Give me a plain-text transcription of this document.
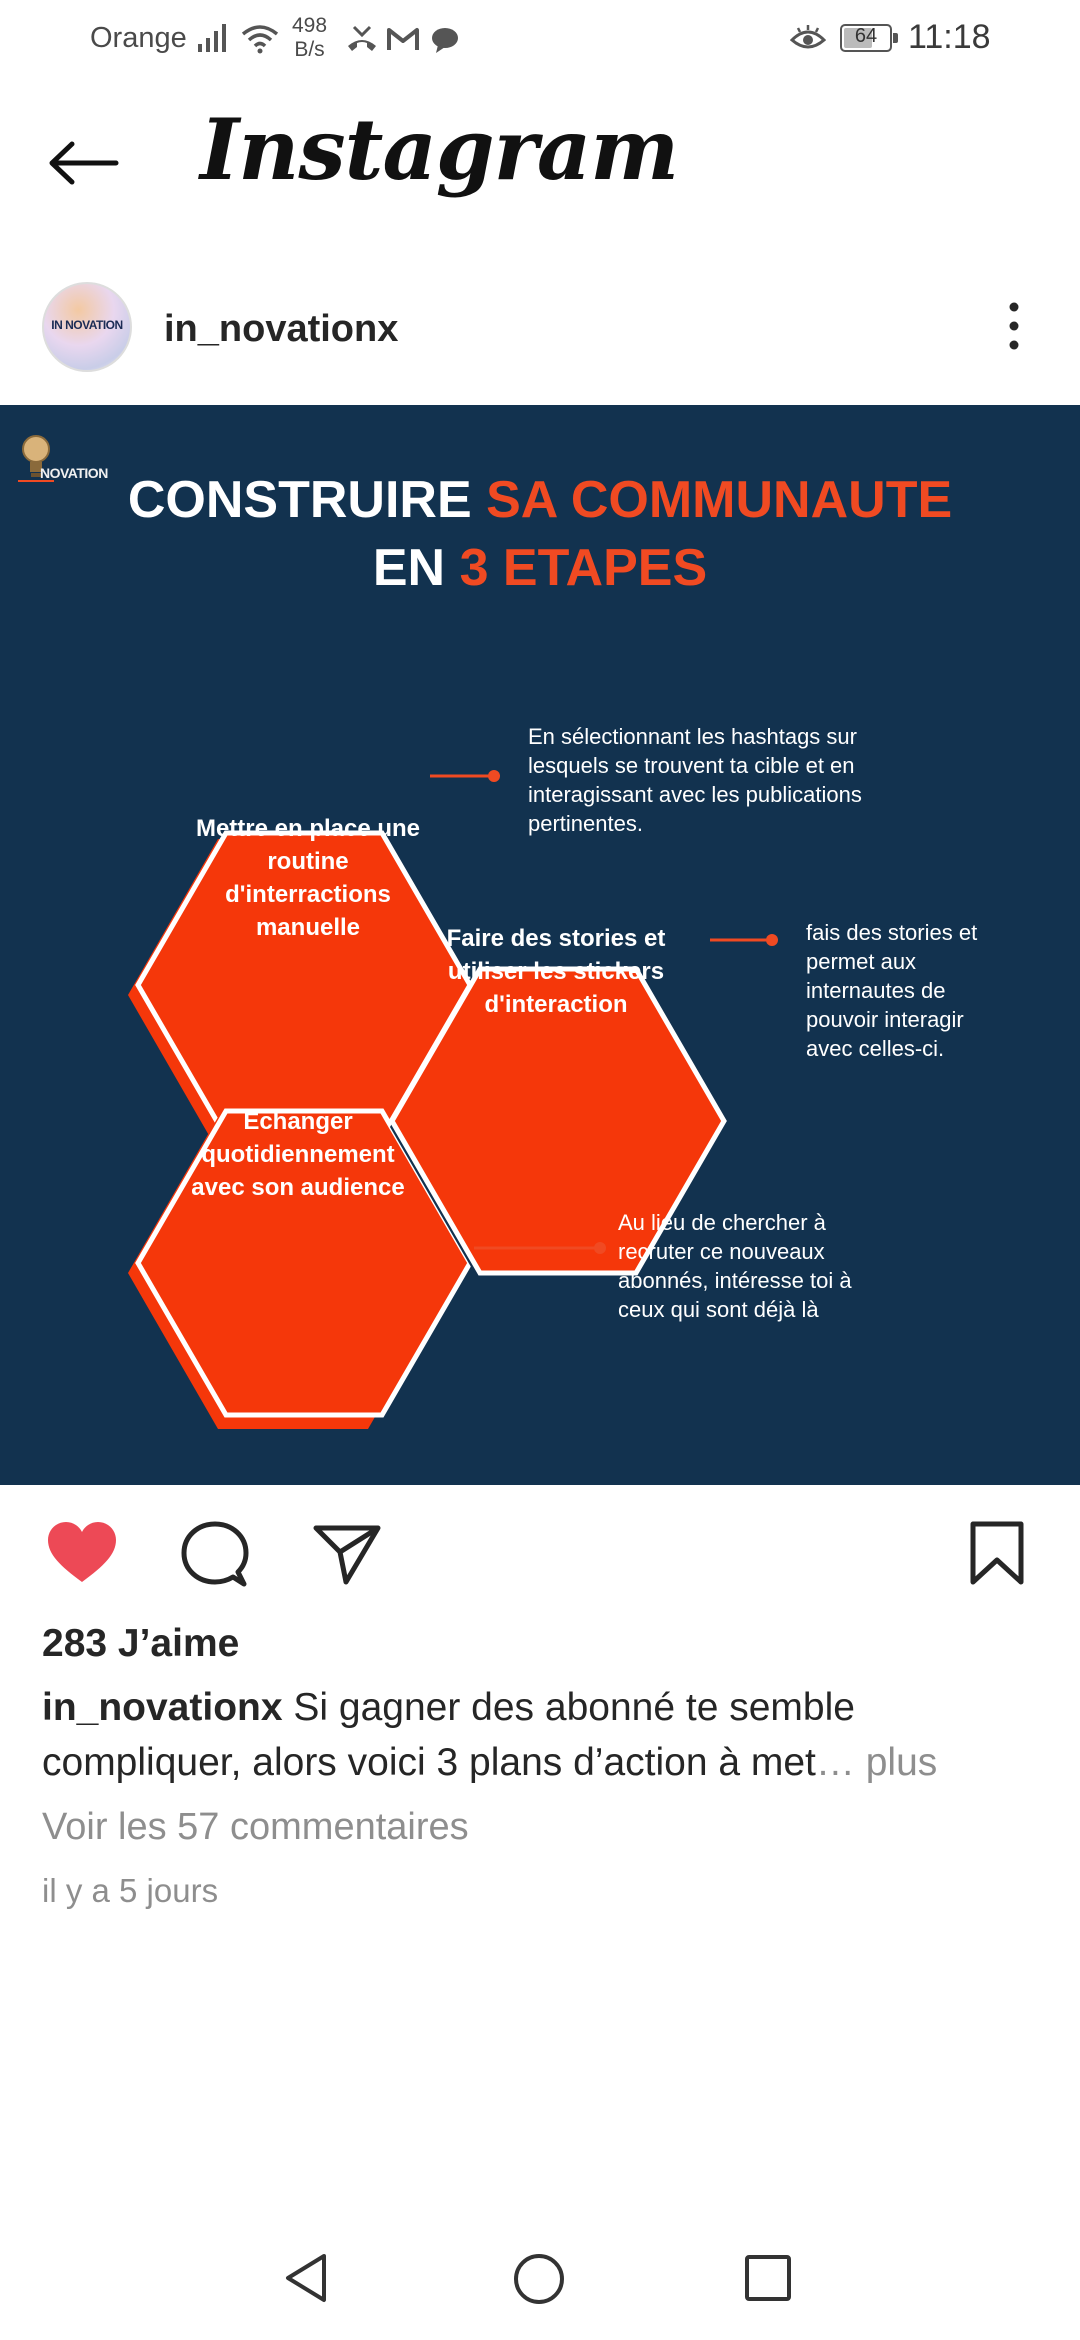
Orange	498
B/s
64 11:18
Instagram
IN NOVATION in_novationx
NOVATION CONSTRUIRE SA COMMUNAUTE
EN 3 ETAPES
Mettre en place une routine d'interractions manuelle	Faire des stories et utiliser les stickers d'interaction
Echanger quotidiennement avec son audience
En sélectionnant les hashtags sur lesquels se trouvent ta cible et en interagissant avec les publications pertinentes.
fais des stories et permet aux internautes de pouvoir interagir avec celles-ci.
Au lieu de chercher à recruter ce nouveaux abonnés, intéresse toi à ceux qui sont déjà là
283 J’aime
in_novationx Si gagner des abonné te semble compliquer, alors voici 3 plans d’action à met… plus
Voir les 57 commentaires
il y a 5 jours
